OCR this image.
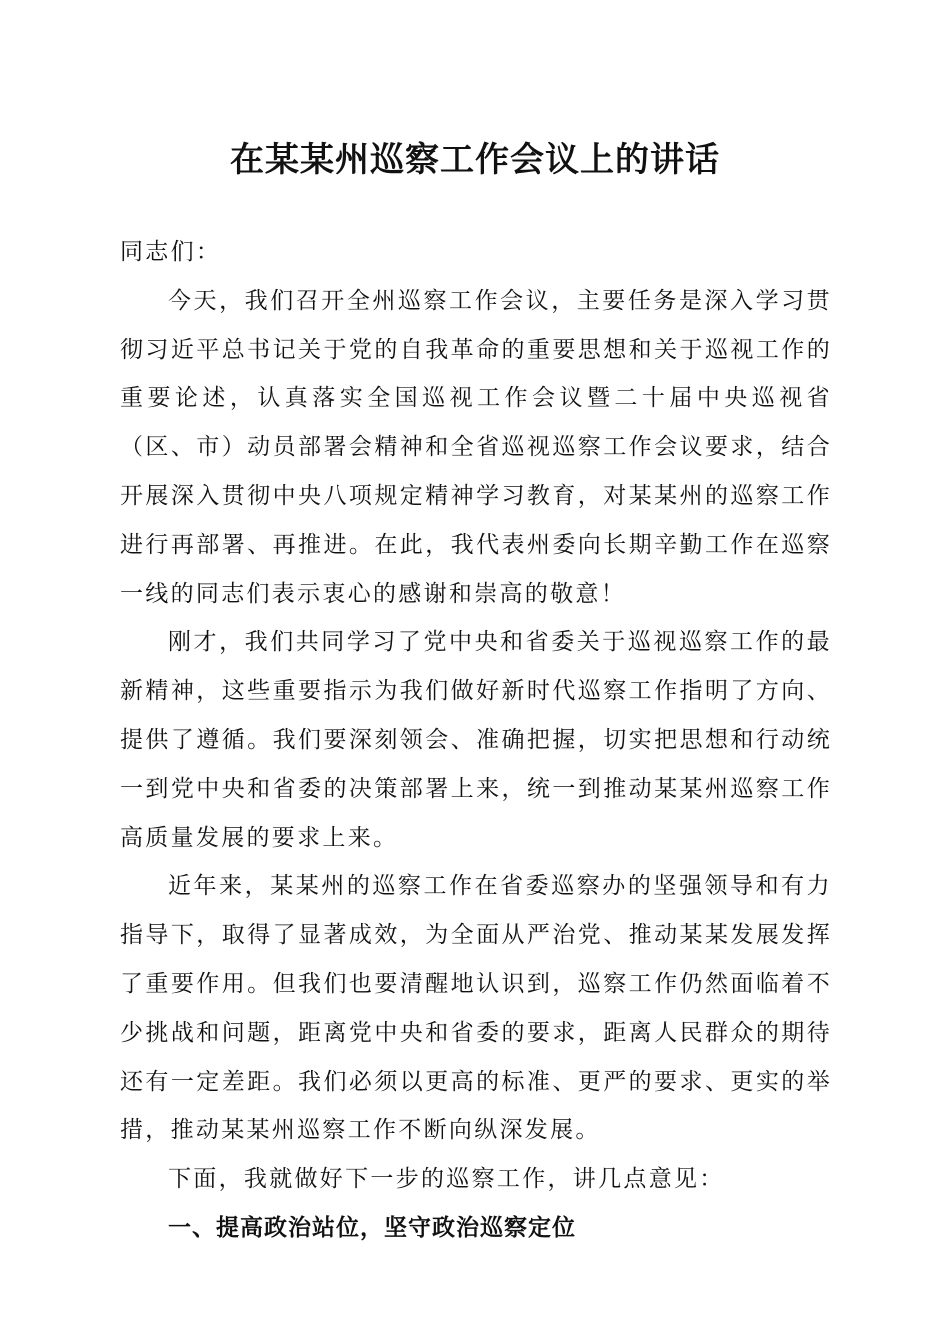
在某某州巡察工作会议上的讲话

同志们：

今天，我们召开全州巡察工作会议，主要任务是深入学习贯彻习近平总书记关于党的自我革命的重要思想和关于巡视工作的重要论述，认真落实全国巡视工作会议暨二十届中央巡视省（区、市）动员部署会精神和全省巡视巡察工作会议要求，结合开展深入贯彻中央八项规定精神学习教育，对某某州的巡察工作进行再部署、再推进。在此，我代表州委向长期辛勤工作在巡察一线的同志们表示衷心的感谢和崇高的敬意！

刚才，我们共同学习了党中央和省委关于巡视巡察工作的最新精神，这些重要指示为我们做好新时代巡察工作指明了方向、提供了遵循。我们要深刻领会、准确把握，切实把思想和行动统一到党中央和省委的决策部署上来，统一到推动某某州巡察工作高质量发展的要求上来。

近年来，某某州的巡察工作在省委巡察办的坚强领导和有力指导下，取得了显著成效，为全面从严治党、推动某某发展发挥了重要作用。但我们也要清醒地认识到，巡察工作仍然面临着不少挑战和问题，距离党中央和省委的要求，距离人民群众的期待还有一定差距。我们必须以更高的标准、更严的要求、更实的举措，推动某某州巡察工作不断向纵深发展。

下面，我就做好下一步的巡察工作，讲几点意见：

一、提高政治站位，坚守政治巡察定位
